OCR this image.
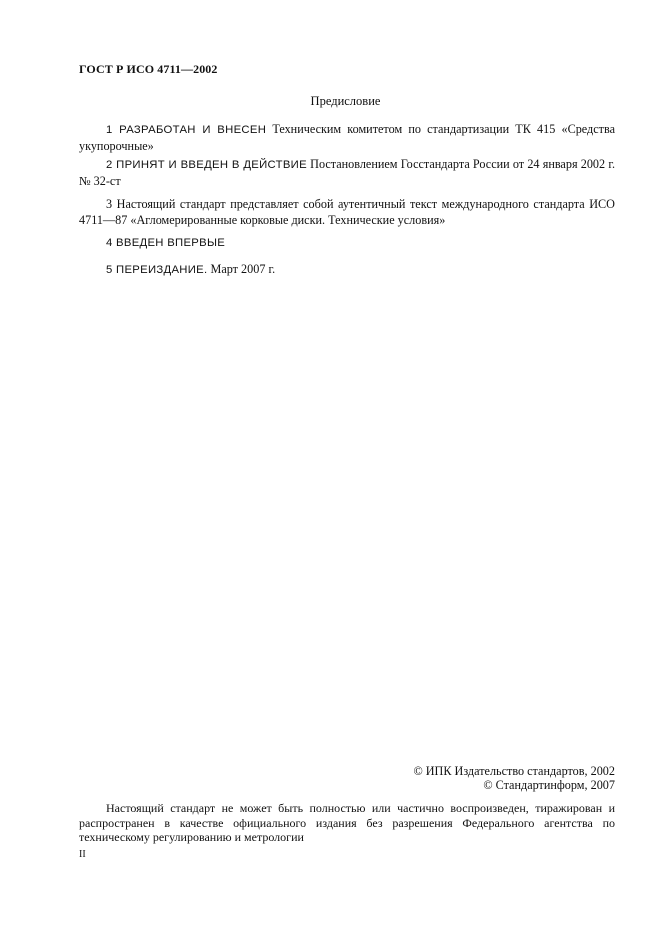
ГОСТ Р ИСО 4711—2002
Предисловие
1 РАЗРАБОТАН И ВНЕСЕН Техническим комитетом по стандартизации ТК 415 «Средства укупорочные»
2 ПРИНЯТ И ВВЕДЕН В ДЕЙСТВИЕ Постановлением Госстандарта России от 24 января 2002 г. № 32-ст
3 Настоящий стандарт представляет собой аутентичный текст международного стандарта ИСО 4711—87 «Агломерированные корковые диски. Технические условия»
4 ВВЕДЕН ВПЕРВЫЕ
5 ПЕРЕИЗДАНИЕ. Март 2007 г.
© ИПК Издательство стандартов, 2002
© Стандартинформ, 2007
Настоящий стандарт не может быть полностью или частично воспроизведен, тиражирован и распространен в качестве официального издания без разрешения Федерального агентства по техническому регулированию и метрологии
II
